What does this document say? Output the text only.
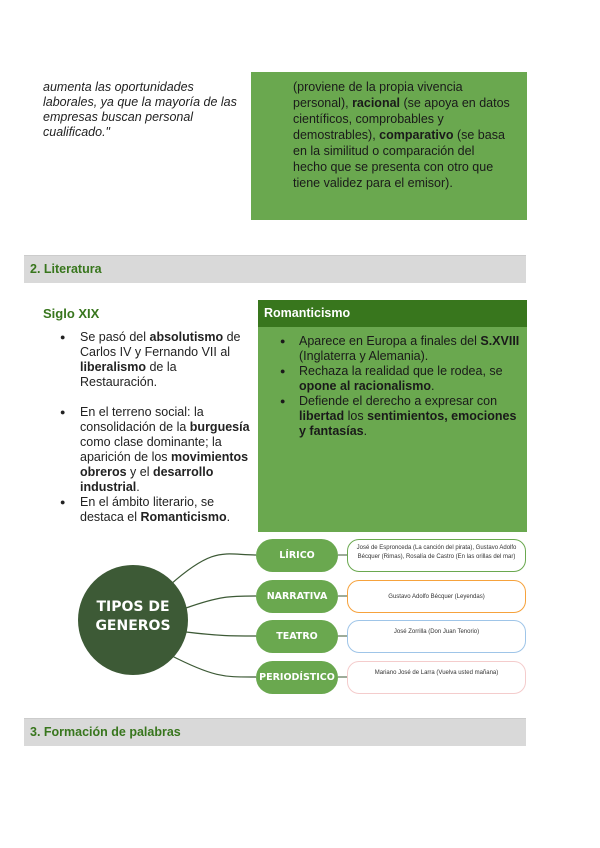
aumenta las oportunidades
laborales, ya que la mayoría de las
empresas buscan personal
cualificado."
(proviene de la propia vivencia
personal), racional (se apoya en datos
científicos, comprobables y
demostrables), comparativo (se basa
en la similitud o comparación del
hecho que se presenta con otro que
tiene validez para el emisor).
2. Literatura
Siglo XIX
● Se pasó del absolutismo de Carlos IV y Fernando VII al liberalismo de la Restauración.
● En el terreno social: la consolidación de la burguesía como clase dominante; la aparición de los movimientos obreros y el desarrollo industrial.
● En el ámbito literario, se destaca el Romanticismo.
Romanticismo
● Aparece en Europa a finales del S.XVIII (Inglaterra y Alemania).
● Rechaza la realidad que le rodea, se opone al racionalismo.
● Defiende el derecho a expresar con libertad los sentimientos, emociones y fantasías.
TIPOS DE
GENEROS
LÍRICO
NARRATIVA
TEATRO
PERIODÍSTICO
José de Espronceda (La canción del pirata), Gustavo Adolfo Bécquer (Rimas), Rosalía de Castro (En las orillas del mar)
Gustavo Adolfo Bécquer (Leyendas)
José Zorrilla (Don Juan Tenorio)
Mariano José de Larra (Vuelva usted mañana)
3. Formación de palabras
